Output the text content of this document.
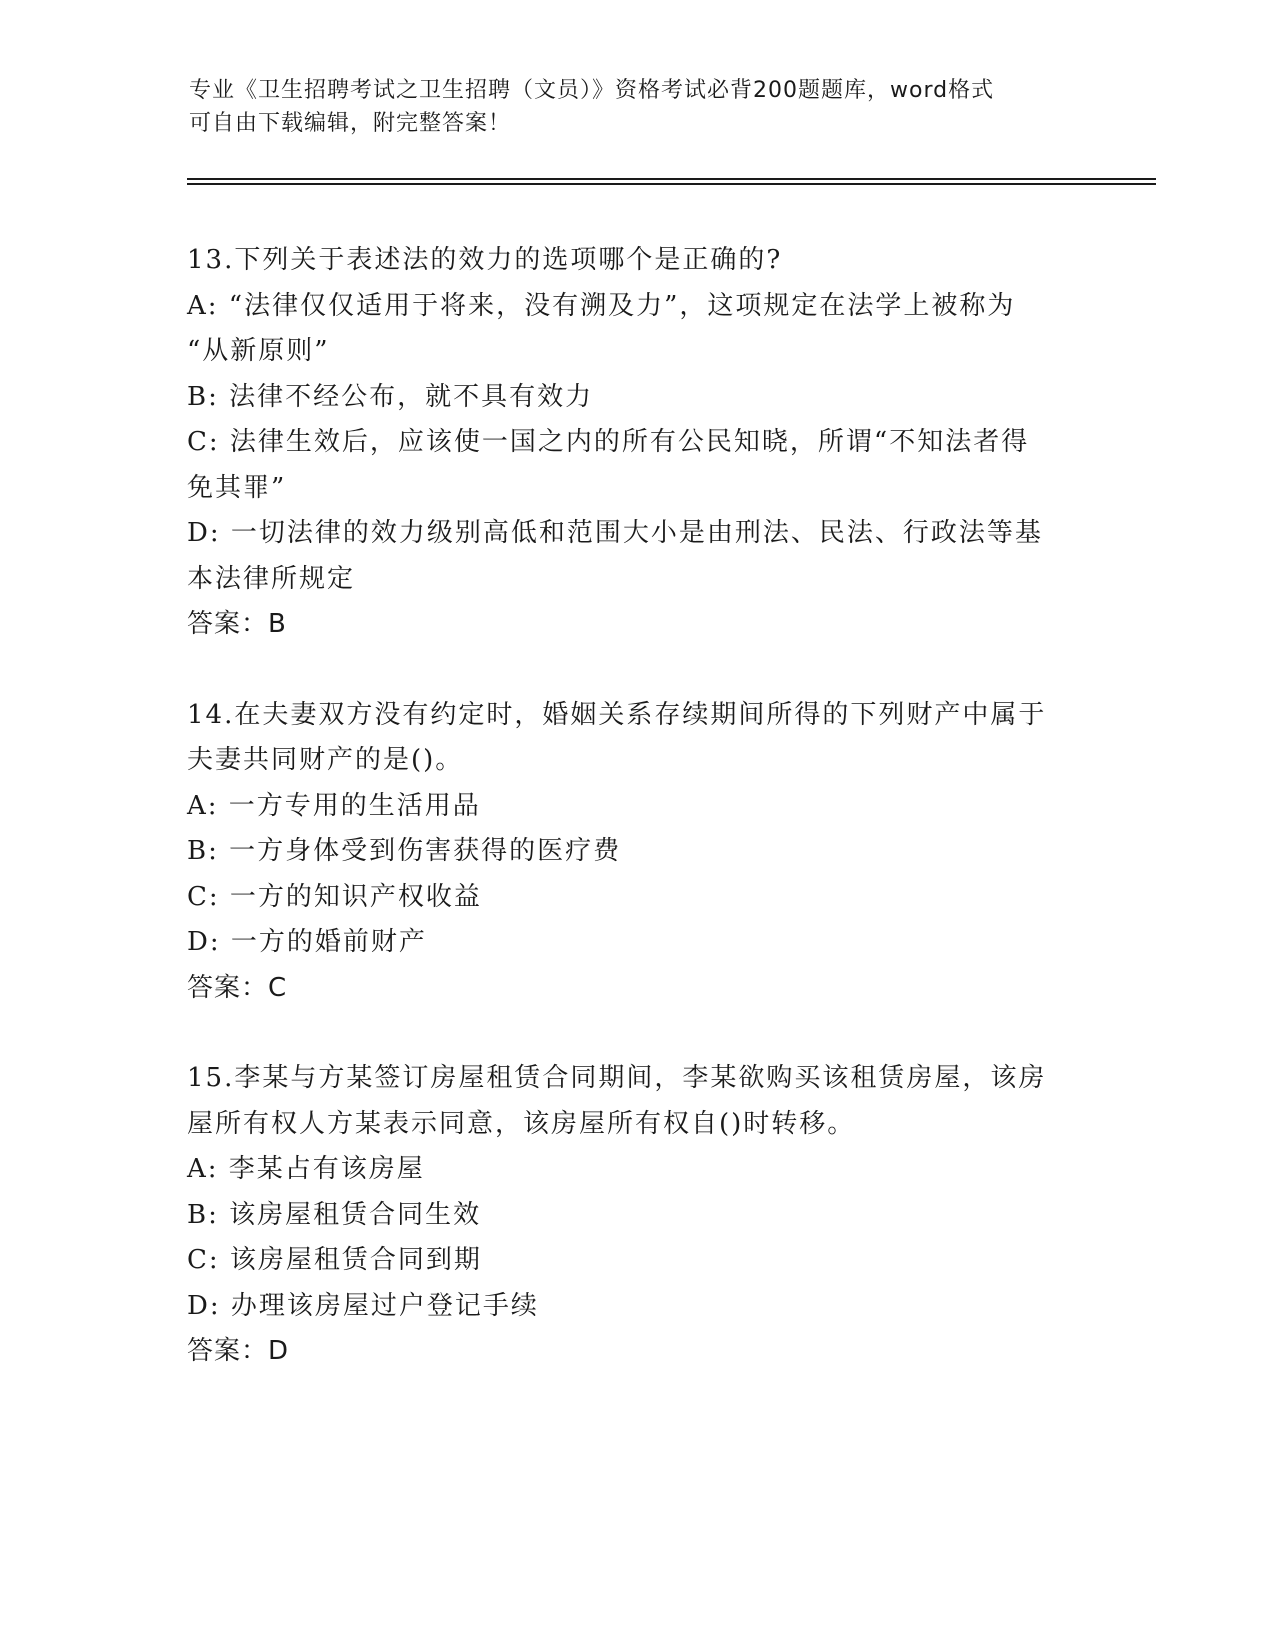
专业《卫生招聘考试之卫生招聘（文员）》资格考试必背200题题库，word格式
可自由下载编辑，附完整答案！
13.下列关于表述法的效力的选项哪个是正确的?
A: “法律仅仅适用于将来，没有溯及力”，这项规定在法学上被称为
“从新原则”
B: 法律不经公布，就不具有效力
C: 法律生效后，应该使一国之内的所有公民知晓，所谓“不知法者得
免其罪”
D: 一切法律的效力级别高低和范围大小是由刑法、民法、行政法等基
本法律所规定
答案：B
14.在夫妻双方没有约定时，婚姻关系存续期间所得的下列财产中属于
夫妻共同财产的是()。
A: 一方专用的生活用品
B: 一方身体受到伤害获得的医疗费
C: 一方的知识产权收益
D: 一方的婚前财产
答案：C
15.李某与方某签订房屋租赁合同期间，李某欲购买该租赁房屋，该房
屋所有权人方某表示同意，该房屋所有权自()时转移。
A: 李某占有该房屋
B: 该房屋租赁合同生效
C: 该房屋租赁合同到期
D: 办理该房屋过户登记手续
答案：D
